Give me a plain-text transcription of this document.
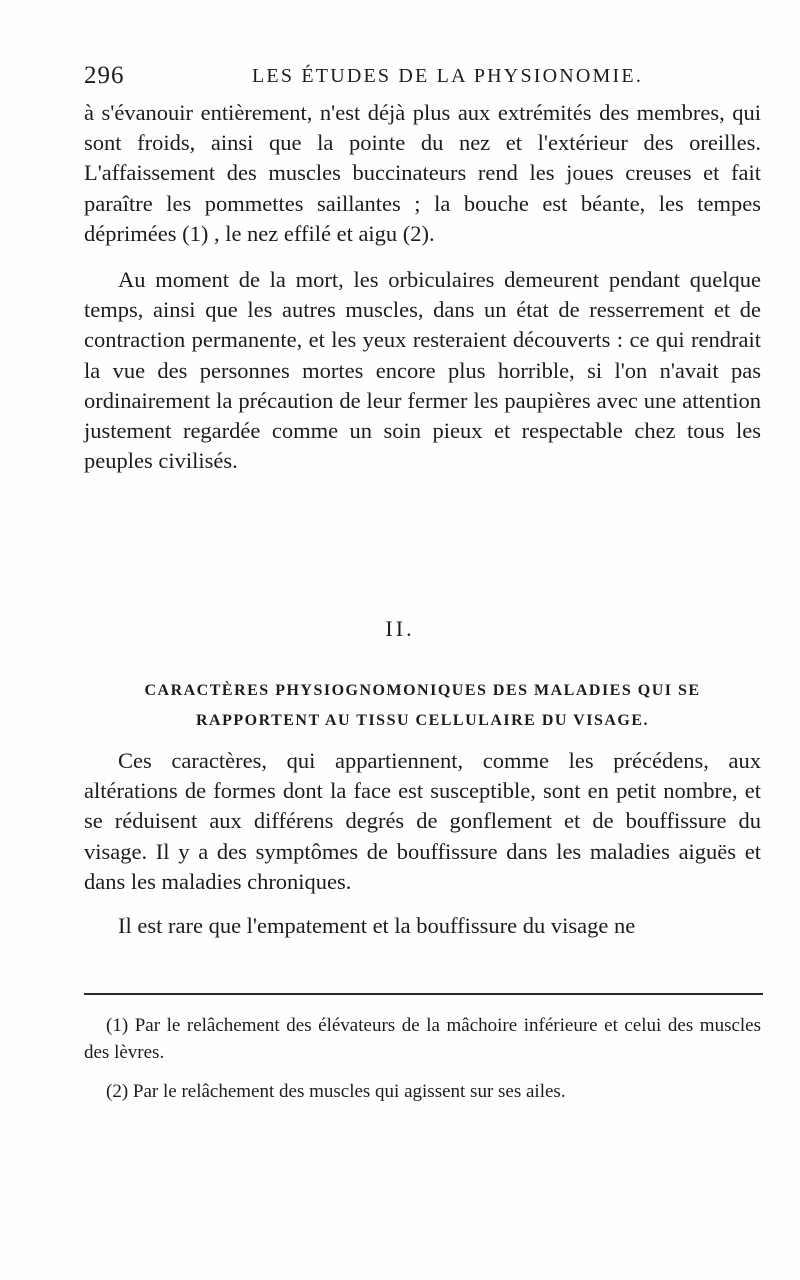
296	LES ÉTUDES DE LA PHYSIONOMIE.

à s'évanouir entièrement, n'est déjà plus aux extrémités des membres, qui sont froids, ainsi que la pointe du nez et l'extérieur des oreilles. L'affaissement des muscles buccinateurs rend les joues creuses et fait paraître les pommettes saillantes ; la bouche est béante, les tempes déprimées (1) , le nez effilé et aigu (2).

Au moment de la mort, les orbiculaires demeurent pendant quelque temps, ainsi que les autres muscles, dans un état de resserrement et de contraction permanente, et les yeux resteraient découverts : ce qui rendrait la vue des personnes mortes encore plus horrible, si l'on n'avait pas ordinairement la précaution de leur fermer les paupières avec une attention justement regardée comme un soin pieux et respectable chez tous les peuples civilisés.

II.
CARACTÈRES PHYSIOGNOMONIQUES DES MALADIES QUI SE RAPPORTENT AU TISSU CELLULAIRE DU VISAGE.

Ces caractères, qui appartiennent, comme les précédens, aux altérations de formes dont la face est susceptible, sont en petit nombre, et se réduisent aux différens degrés de gonflement et de bouffissure du visage. Il y a des symptômes de bouffissure dans les maladies aiguës et dans les maladies chroniques.

Il est rare que l'empatement et la bouffissure du visage ne

(1) Par le relâchement des élévateurs de la mâchoire inférieure et celui des muscles des lèvres.

(2) Par le relâchement des muscles qui agissent sur ses ailes.
